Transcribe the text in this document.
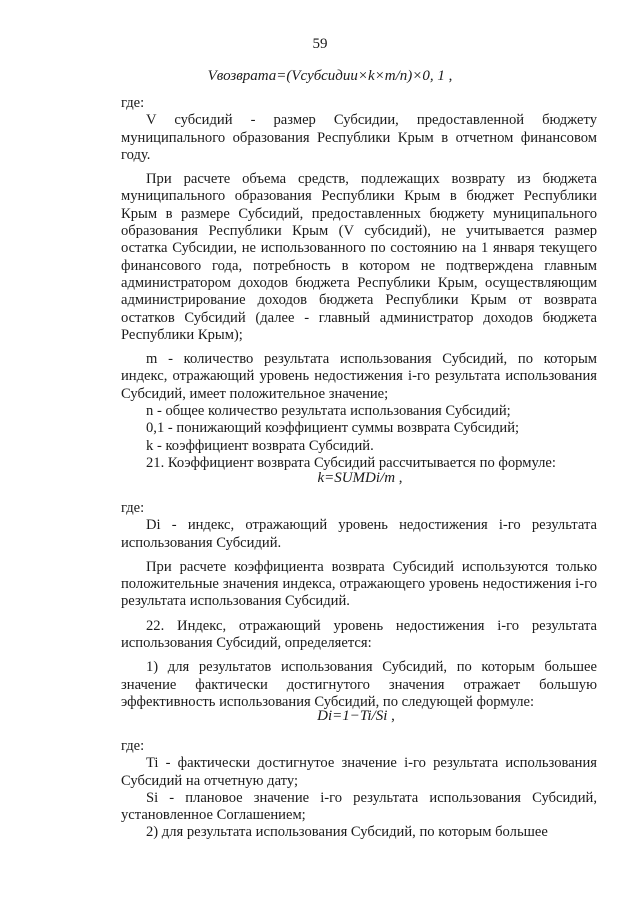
59
Vвозврата=(Vсубсидии×k×m/n)×0, 1 ,

где:

V субсидий - размер Субсидии, предоставленной бюджету муниципального образования Республики Крым в отчетном финансовом году.

При расчете объема средств, подлежащих возврату из бюджета муниципального образования Республики Крым в бюджет Республики Крым в размере Субсидий, предоставленных бюджету муниципального образования Республики Крым (V субсидий), не учитывается размер остатка Субсидии, не использованного по состоянию на 1 января текущего финансового года, потребность в котором не подтверждена главным администратором доходов бюджета Республики Крым, осуществляющим администрирование доходов бюджета Республики Крым от возврата остатков Субсидий (далее - главный администратор доходов бюджета Республики Крым);

m - количество результата использования Субсидий, по которым индекс, отражающий уровень недостижения i-го результата использования Субсидий, имеет положительное значение;

n - общее количество результата использования Субсидий;

0,1 - понижающий коэффициент суммы возврата Субсидий;

k - коэффициент возврата Субсидий.

21. Коэффициент возврата Субсидий рассчитывается по формуле:

k=SUMDi/m ,

где:

Di - индекс, отражающий уровень недостижения i-го результата использования Субсидий.

При расчете коэффициента возврата Субсидий используются только положительные значения индекса, отражающего уровень недостижения i-го результата использования Субсидий.

22. Индекс, отражающий уровень недостижения i-го результата использования Субсидий, определяется:

1) для результатов использования Субсидий, по которым большее значение фактически достигнутого значения отражает большую эффективность использования Субсидий, по следующей формуле:

Di=1−Ti/Si ,

где:

Ti - фактически достигнутое значение i-го результата использования Субсидий на отчетную дату;

Si - плановое значение i-го результата использования Субсидий, установленное Соглашением;

2) для результата использования Субсидий, по которым большее
